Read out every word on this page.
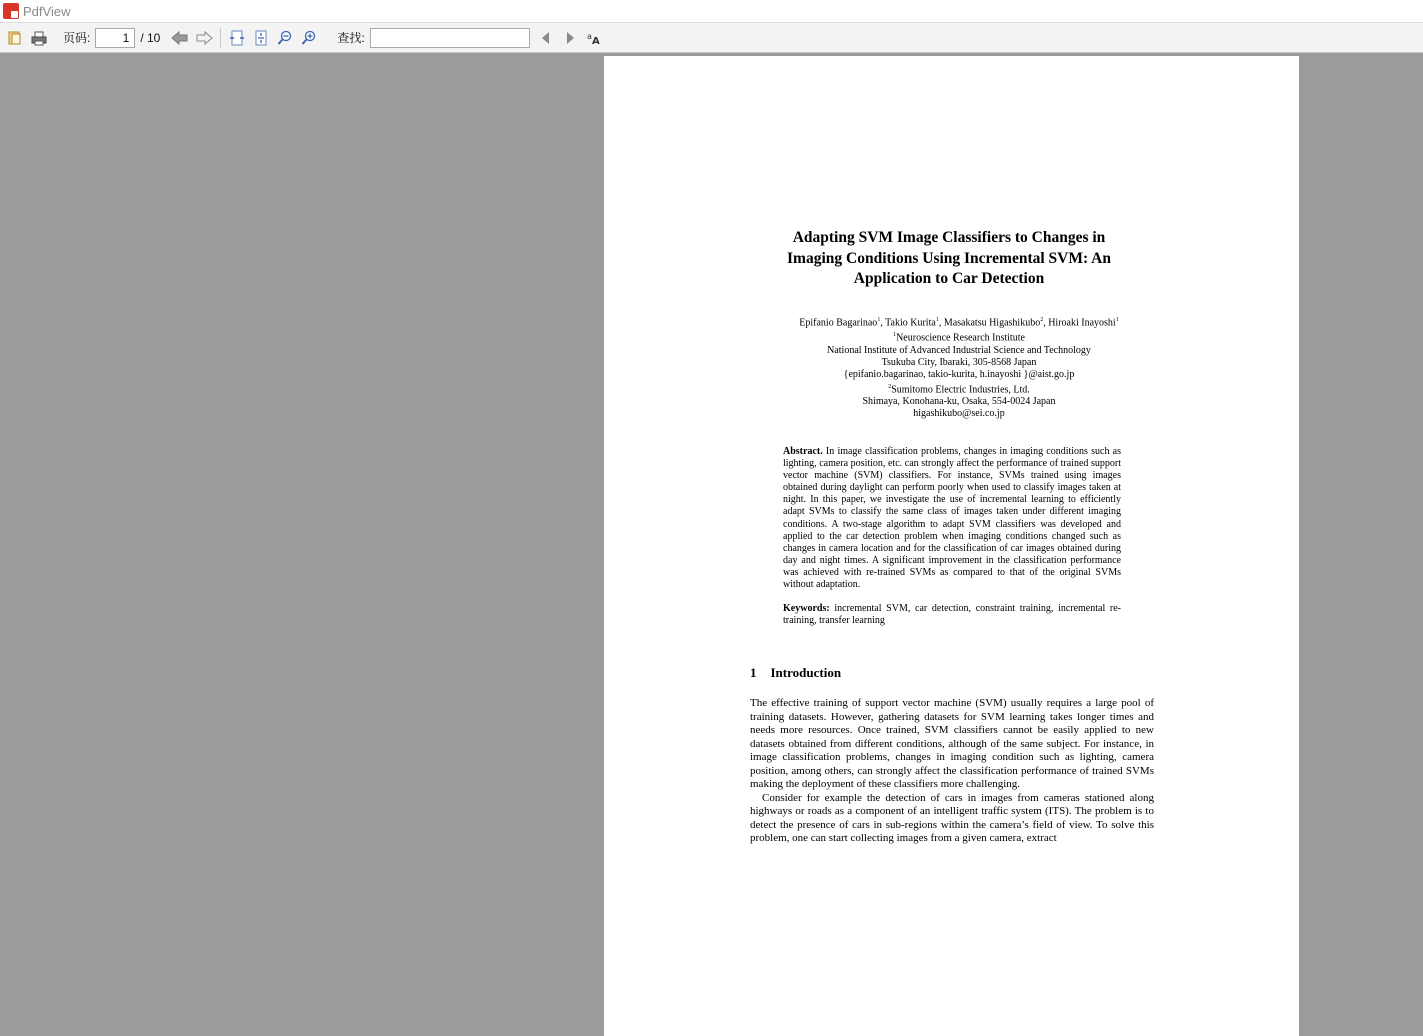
PdfView
页码:
1	/ 10	查找:	a A
Adapting SVM Image Classifiers to Changes in
Imaging Conditions Using Incremental SVM: An
Application to Car Detection
Epifanio Bagarinao$^1$, Takio Kurita$^1$, Masakatsu Higashikubo$^2$, Hiroaki Inayoshi$^1$
$^1$Neuroscience Research Institute
National Institute of Advanced Industrial Science and Technology
Tsukuba City, Ibaraki, 305-8568 Japan
{epifanio.bagarinao, takio-kurita, h.inayoshi }@aist.go.jp
$^2$Sumitomo Electric Industries, Ltd.
Shimaya, Konohana-ku, Osaka, 554-0024 Japan
higashikubo@sei.co.jp
Abstract. In image classification problems, changes in imaging conditions such as lighting, camera position, etc. can strongly affect the performance of trained support vector machine (SVM) classifiers. For instance, SVMs trained using images obtained during daylight can perform poorly when used to classify images taken at night. In this paper, we investigate the use of incremental learning to efficiently adapt SVMs to classify the same class of images taken under different imaging conditions. A two-stage algorithm to adapt SVM classifiers was developed and applied to the car detection problem when imaging conditions changed such as changes in camera location and for the classification of car images obtained during day and night times. A significant improvement in the classification performance was achieved with re-trained SVMs as compared to that of the original SVMs without adaptation.
Keywords: incremental SVM, car detection, constraint training, incremental re-training, transfer learning
1 Introduction

The effective training of support vector machine (SVM) usually requires a large pool of training datasets. However, gathering datasets for SVM learning takes longer times and needs more resources. Once trained, SVM classifiers cannot be easily applied to new datasets obtained from different conditions, although of the same subject. For instance, in image classification problems, changes in imaging condition such as lighting, camera position, among others, can strongly affect the classification performance of trained SVMs making the deployment of these classifiers more challenging.

Consider for example the detection of cars in images from cameras stationed along highways or roads as a component of an intelligent traffic system (ITS). The problem is to detect the presence of cars in sub-regions within the camera’s field of view. To solve this problem, one can start collecting images from a given camera, extract
